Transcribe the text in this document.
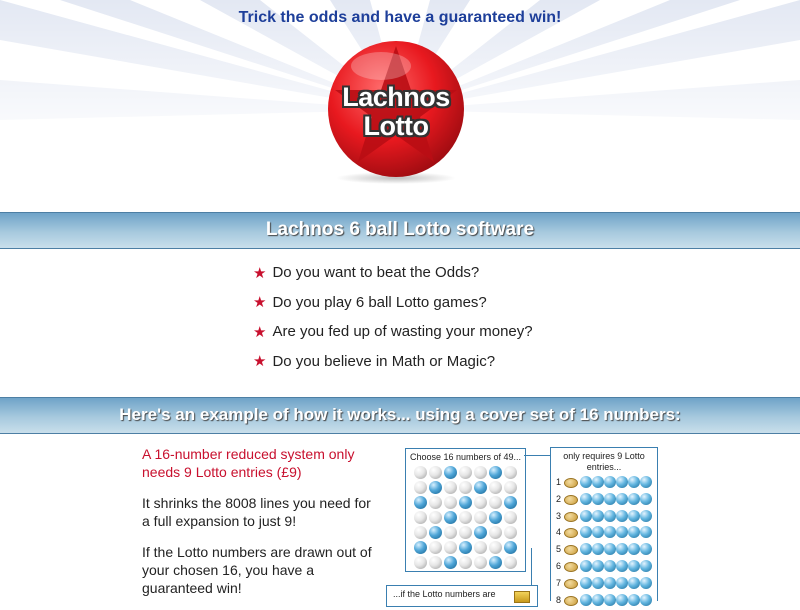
Trick the odds and have a guaranteed win!
Lachnos
Lotto
Lachnos 6 ball Lotto software
★ Do you want to beat the Odds?
★ Do you play 6 ball Lotto games?
★ Are you fed up of wasting your money?
★ Do you believe in Math or Magic?
Here's an example of how it works... using a cover set of 16 numbers:

A 16-number reduced system only needs 9 Lotto entries (£9)

It shrinks the 8008 lines you need for a full expansion to just 9!

If the Lotto numbers are drawn out of your chosen 16, you have a guaranteed win!

Choose 16 numbers of 49...	only requires 9 Lotto entries...
1
2
3
4
5
6
7
8
...if the Lotto numbers are
